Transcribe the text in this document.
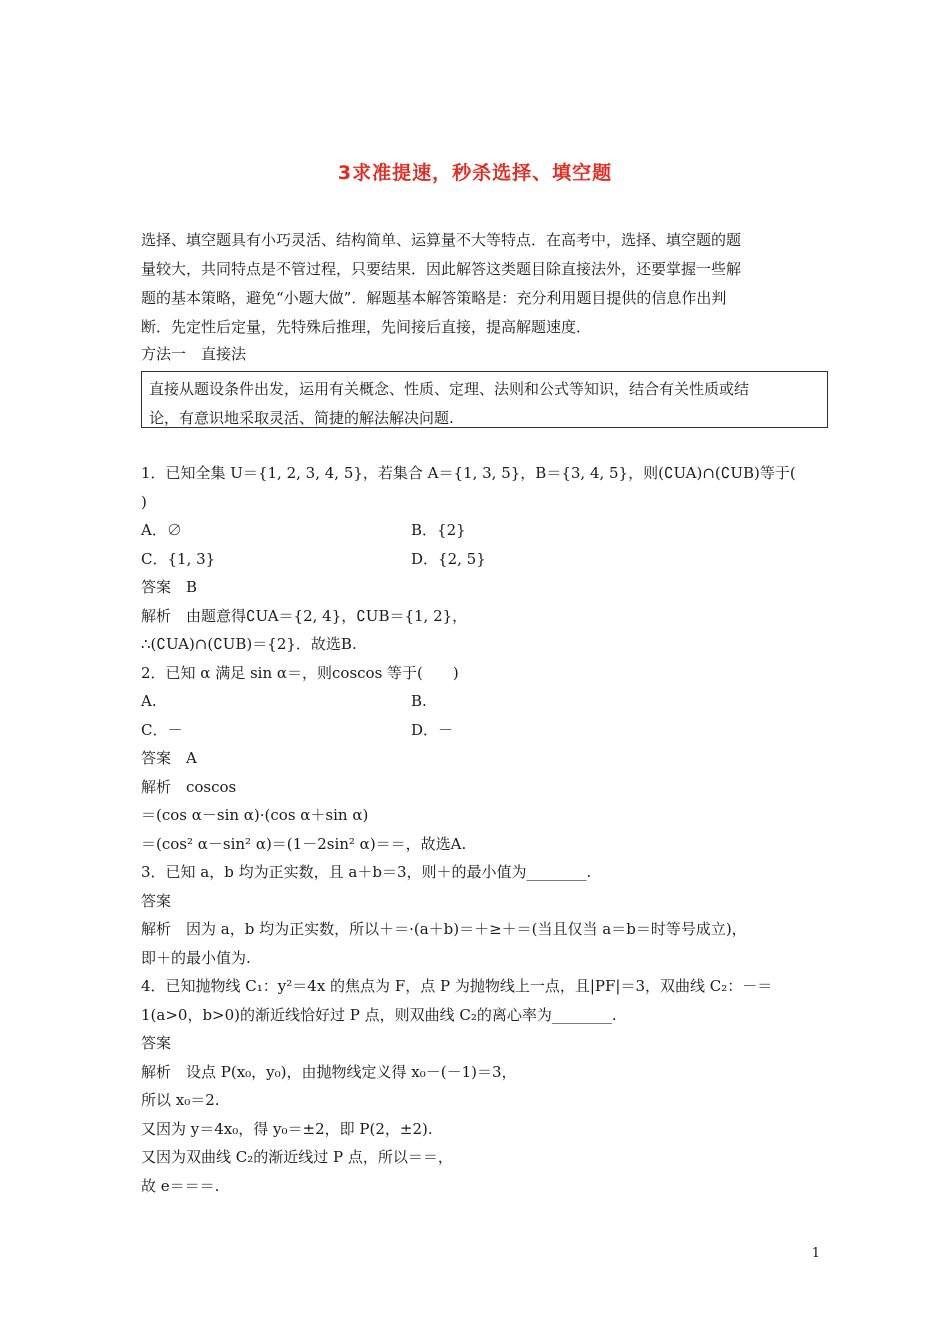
3求准提速，秒杀选择、填空题

选择、填空题具有小巧灵活、结构简单、运算量不大等特点．在高考中，选择、填空题的题

量较大，共同特点是不管过程，只要结果．因此解答这类题目除直接法外，还要掌握一些解

题的基本策略，避免“小题大做”．解题基本解答策略是：充分利用题目提供的信息作出判

断．先定性后定量，先特殊后推理，先间接后直接，提高解题速度．

方法一　直接法
直接从题设条件出发，运用有关概念、性质、定理、法则和公式等知识，结合有关性质或结
论，有意识地采取灵活、简捷的解法解决问题.
1．已知全集 U＝{1, 2, 3, 4, 5}，若集合 A＝{1, 3, 5}，B＝{3, 4, 5}，则(∁UA)∩(∁UB)等于(
)
A．∅	B．{2}
C．{1, 3}	D．{2, 5}
答案　B
解析　由题意得∁UA＝{2, 4}，∁UB＝{1, 2}，
∴(∁UA)∩(∁UB)＝{2}．故选B.
2．已知 α 满足 sin α＝，则coscos 等于(　　)
A.	B.
C．－	D．－
答案　A
解析　coscos
＝(cos α－sin α)·(cos α＋sin α)
＝(cos² α－sin² α)＝(1－2sin² α)＝＝，故选A.
3．已知 a，b 均为正实数，且 a＋b＝3，则＋的最小值为________.
答案
解析　因为 a，b 均为正实数，所以＋＝·(a＋b)＝＋≥＋＝(当且仅当 a＝b＝时等号成立)，
即＋的最小值为.
4．已知抛物线 C₁：y²＝4x 的焦点为 F，点 P 为抛物线上一点，且|PF|＝3，双曲线 C₂：－＝
1(a>0，b>0)的渐近线恰好过 P 点，则双曲线 C₂的离心率为________.
答案
解析　设点 P(x₀，y₀)，由抛物线定义得 x₀－(－1)＝3，
所以 x₀＝2.
又因为 y＝4x₀，得 y₀＝±2，即 P(2，±2).
又因为双曲线 C₂的渐近线过 P 点，所以＝＝，
故 e＝＝＝.
1
